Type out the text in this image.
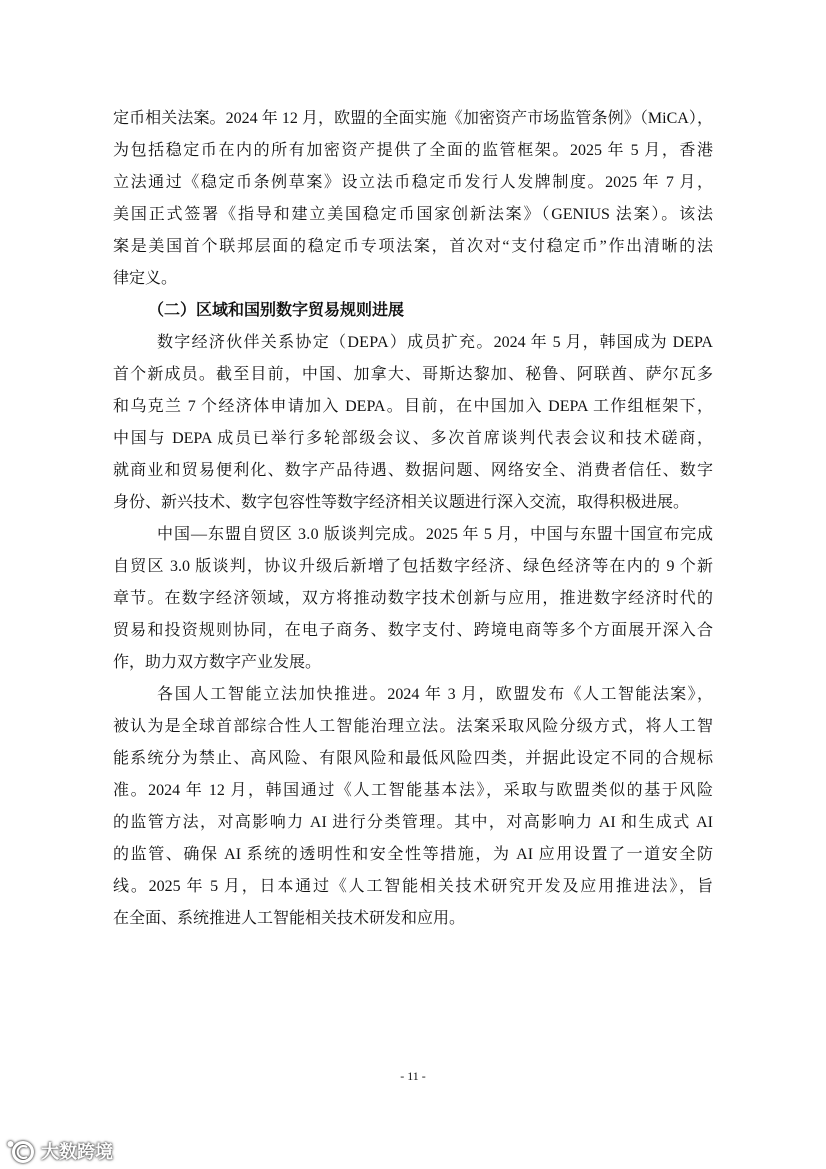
定币相关法案。2024 年 12 月，欧盟的全面实施《加密资产市场监管条例》（MiCA），
为包括稳定币在内的所有加密资产提供了全面的监管框架。2025 年 5 月，香港
立法通过《稳定币条例草案》设立法币稳定币发行人发牌制度。2025 年 7 月，
美国正式签署《指导和建立美国稳定币国家创新法案》（GENIUS 法案）。该法
案是美国首个联邦层面的稳定币专项法案，首次对“支付稳定币”作出清晰的法
律定义。
（二）区域和国别数字贸易规则进展
数字经济伙伴关系协定（DEPA）成员扩充。2024 年 5 月，韩国成为 DEPA
首个新成员。截至目前，中国、加拿大、哥斯达黎加、秘鲁、阿联酋、萨尔瓦多
和乌克兰 7 个经济体申请加入 DEPA。目前，在中国加入 DEPA 工作组框架下，
中国与 DEPA 成员已举行多轮部级会议、多次首席谈判代表会议和技术磋商，
就商业和贸易便利化、数字产品待遇、数据问题、网络安全、消费者信任、数字
身份、新兴技术、数字包容性等数字经济相关议题进行深入交流，取得积极进展。
中国—东盟自贸区 3.0 版谈判完成。2025 年 5 月，中国与东盟十国宣布完成
自贸区 3.0 版谈判，协议升级后新增了包括数字经济、绿色经济等在内的 9 个新
章节。在数字经济领域，双方将推动数字技术创新与应用，推进数字经济时代的
贸易和投资规则协同，在电子商务、数字支付、跨境电商等多个方面展开深入合
作，助力双方数字产业发展。
各国人工智能立法加快推进。2024 年 3 月，欧盟发布《人工智能法案》，
被认为是全球首部综合性人工智能治理立法。法案采取风险分级方式，将人工智
能系统分为禁止、高风险、有限风险和最低风险四类，并据此设定不同的合规标
准。2024 年 12 月，韩国通过《人工智能基本法》，采取与欧盟类似的基于风险
的监管方法，对高影响力 AI 进行分类管理。其中，对高影响力 AI 和生成式 AI
的监管、确保 AI 系统的透明性和安全性等措施，为 AI 应用设置了一道安全防
线。2025 年 5 月，日本通过《人工智能相关技术研究开发及应用推进法》，旨
在全面、系统推进人工智能相关技术研发和应用。
- 11 -
大数跨境
